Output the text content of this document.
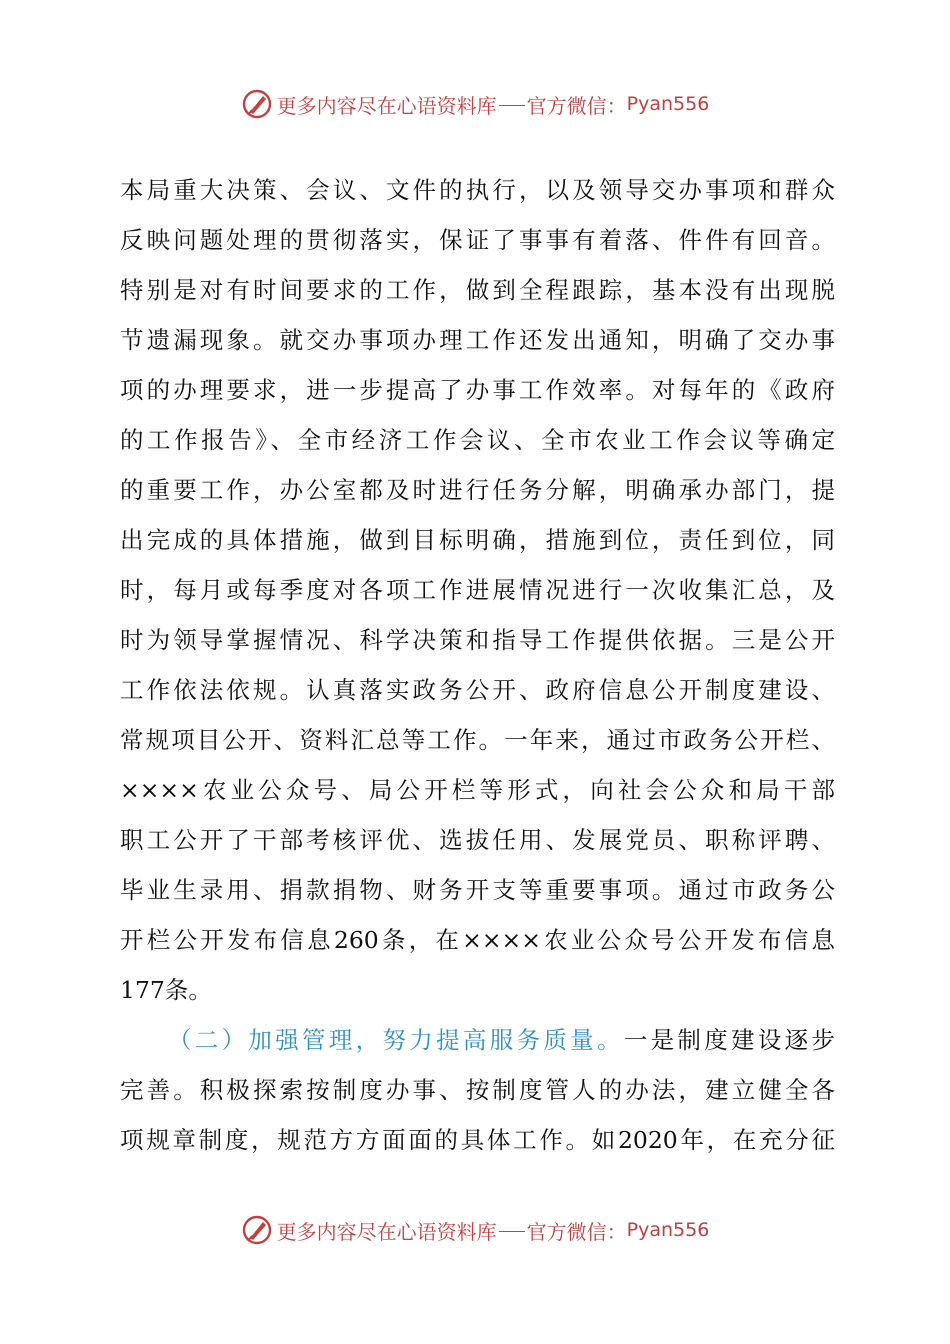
更多内容尽在心语资料库 官方微信： Pyan556
本局重大决策、会议、文件的执行，以及领导交办事项和群众
反映问题处理的贯彻落实，保证了事事有着落、件件有回音。
特别是对有时间要求的工作，做到全程跟踪，基本没有出现脱
节遗漏现象。就交办事项办理工作还发出通知，明确了交办事
项的办理要求，进一步提高了办事工作效率。对每年的《政府
的工作报告》、全市经济工作会议、全市农业工作会议等确定
的重要工作，办公室都及时进行任务分解，明确承办部门，提
出完成的具体措施，做到目标明确，措施到位，责任到位，同
时，每月或每季度对各项工作进展情况进行一次收集汇总，及
时为领导掌握情况、科学决策和指导工作提供依据。三是公开
工作依法依规。认真落实政务公开、政府信息公开制度建设、
常规项目公开、资料汇总等工作。一年来，通过市政务公开栏、
××××农业公众号、局公开栏等形式，向社会公众和局干部
职工公开了干部考核评优、选拔任用、发展党员、职称评聘、
毕业生录用、捐款捐物、财务开支等重要事项。通过市政务公
开栏公开发布信息260条，在××××农业公众号公开发布信息
177条。
（二）加强管理，努力提高服务质量。一是制度建设逐步
完善。积极探索按制度办事、按制度管人的办法，建立健全各
项规章制度，规范方方面面的具体工作。如2020年，在充分征
更多内容尽在心语资料库 官方微信： Pyan556
